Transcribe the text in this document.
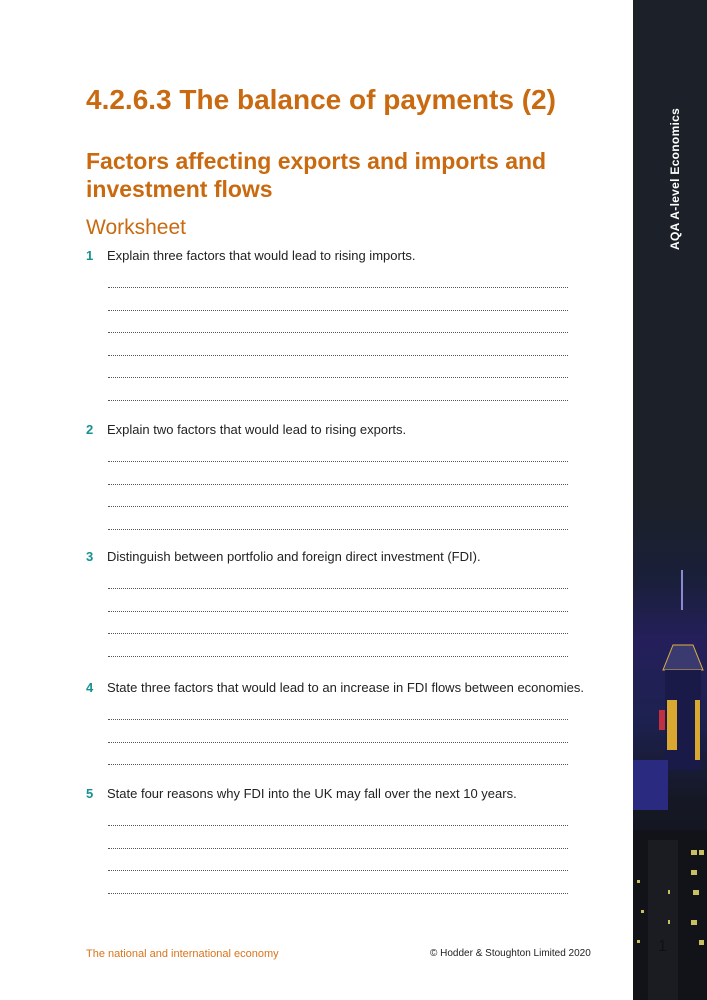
AQA A-level Economics
1
4.2.6.3 The balance of payments (2)
Factors affecting exports and imports and investment flows
Worksheet
1 Explain three factors that would lead to rising imports.
2 Explain two factors that would lead to rising exports.
3 Distinguish between portfolio and foreign direct investment (FDI).
4 State three factors that would lead to an increase in FDI flows between economies.
5 State four reasons why FDI into the UK may fall over the next 10 years.
The national and international economy	© Hodder & Stoughton Limited 2020
